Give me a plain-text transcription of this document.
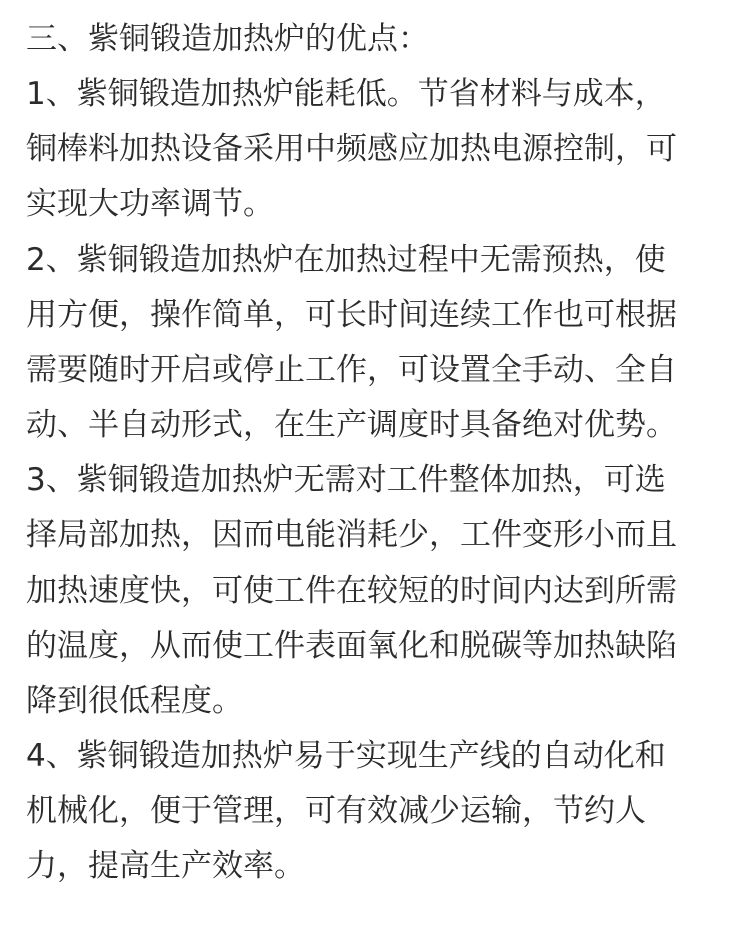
三、紫铜锻造加热炉的优点：
1、紫铜锻造加热炉能耗低。节省材料与成本，
铜棒料加热设备采用中频感应加热电源控制，可
实现大功率调节。
2、紫铜锻造加热炉在加热过程中无需预热，使
用方便，操作简单，可长时间连续工作也可根据
需要随时开启或停止工作，可设置全手动、全自
动、半自动形式，在生产调度时具备绝对优势。
3、紫铜锻造加热炉无需对工件整体加热，可选
择局部加热，因而电能消耗少，工件变形小而且
加热速度快，可使工件在较短的时间内达到所需
的温度，从而使工件表面氧化和脱碳等加热缺陷
降到很低程度。
4、紫铜锻造加热炉易于实现生产线的自动化和
机械化，便于管理，可有效减少运输，节约人
力，提高生产效率。
